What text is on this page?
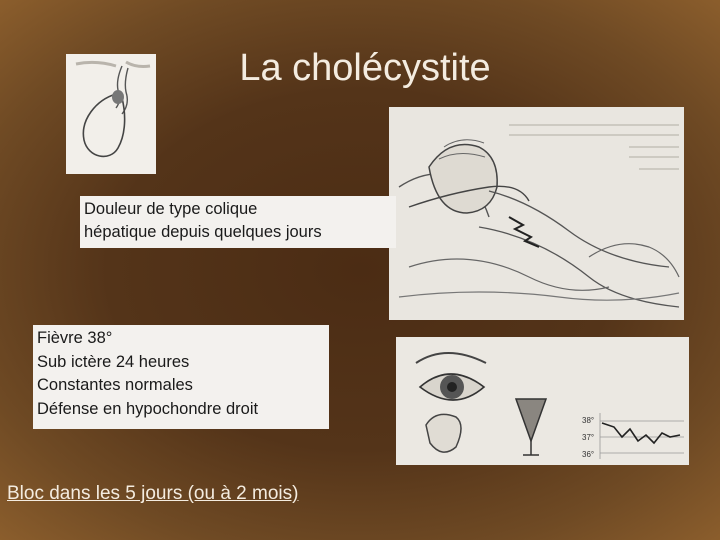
La cholécystite
38°
37°
36°
Douleur de type colique
hépatique depuis quelques jours
Fièvre 38°
Sub ictère 24 heures
Constantes normales
Défense en hypochondre droit
Bloc dans les 5 jours (ou à 2 mois)
